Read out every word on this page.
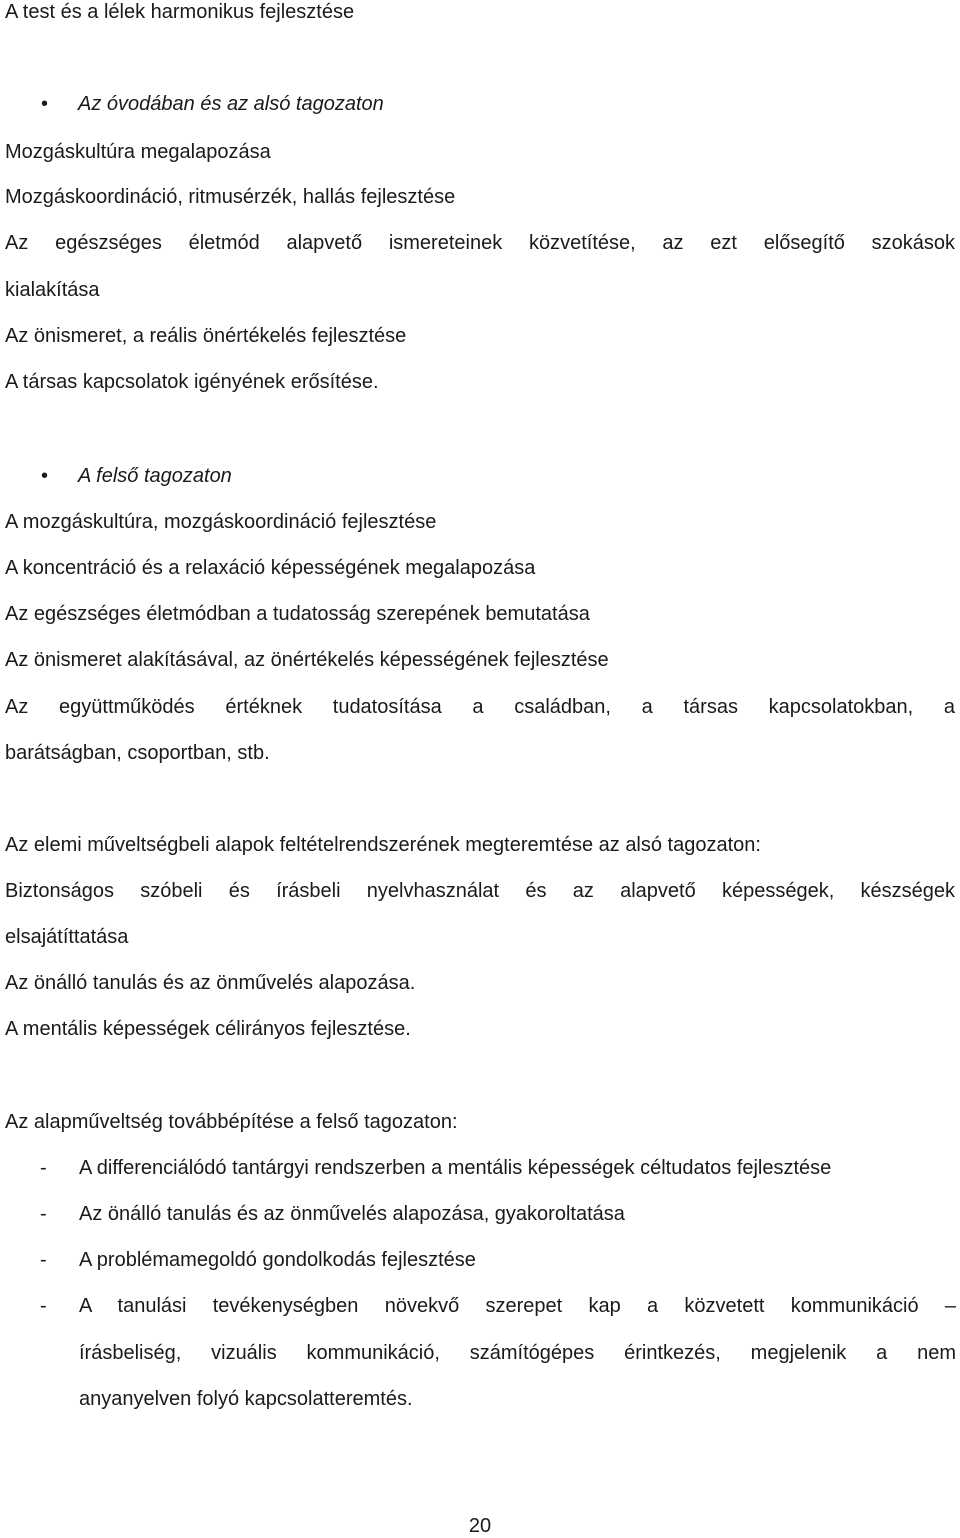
A test és a lélek harmonikus fejlesztése
• Az óvodában és az alsó tagozaton
Mozgáskultúra megalapozása
Mozgáskoordináció, ritmusérzék, hallás fejlesztése
Az egészséges életmód alapvető ismereteinek közvetítése, az ezt elősegítő szokások
kialakítása
Az önismeret, a reális önértékelés fejlesztése
A társas kapcsolatok igényének erősítése.
• A felső tagozaton
A mozgáskultúra, mozgáskoordináció fejlesztése
A koncentráció és a relaxáció képességének megalapozása
Az egészséges életmódban a tudatosság szerepének bemutatása
Az önismeret alakításával, az önértékelés képességének fejlesztése
Az együttműködés értéknek tudatosítása a családban, a társas kapcsolatokban, a
barátságban, csoportban, stb.
Az elemi műveltségbeli alapok feltételrendszerének megteremtése az alsó tagozaton:
Biztonságos szóbeli és írásbeli nyelvhasználat és az alapvető képességek, készségek
elsajátíttatása
Az önálló tanulás és az önművelés alapozása.
A mentális képességek célirányos fejlesztése.
Az alapműveltség továbbépítése a felső tagozaton:
- A differenciálódó tantárgyi rendszerben a mentális képességek céltudatos fejlesztése
- Az önálló tanulás és az önművelés alapozása, gyakoroltatása
- A problémamegoldó gondolkodás fejlesztése
- A tanulási tevékenységben növekvő szerepet kap a közvetett kommunikáció –
írásbeliség, vizuális kommunikáció, számítógépes érintkezés, megjelenik a nem
anyanyelven folyó kapcsolatteremtés.
20
